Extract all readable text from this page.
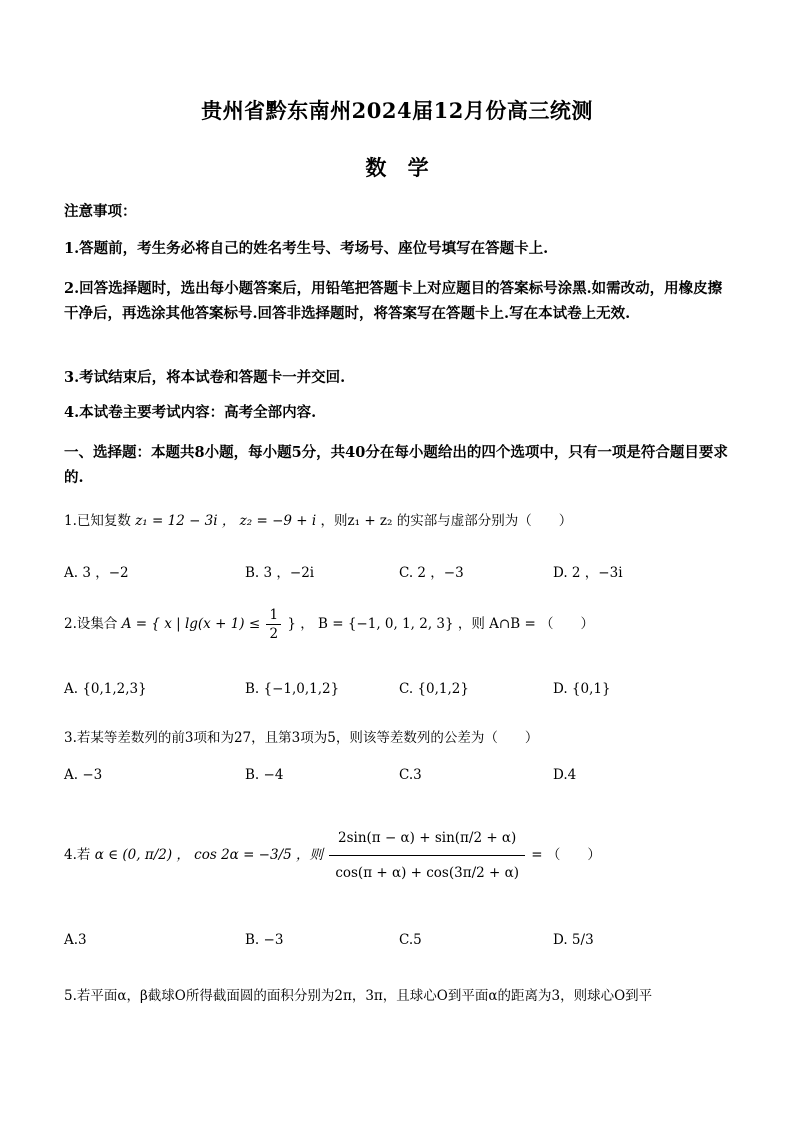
贵州省黔东南州2024届12月份高三统测
数 学
注意事项：
1.答题前，考生务必将自己的姓名考生号、考场号、座位号填写在答题卡上.
2.回答选择题时，选出每小题答案后，用铅笔把答题卡上对应题目的答案标号涂黑.如需改动，用橡皮擦干净后，再选涂其他答案标号.回答非选择题时，将答案写在答题卡上.写在本试卷上无效.
3.考试结束后，将本试卷和答题卡一并交回.
4.本试卷主要考试内容：高考全部内容.
一、选择题：本题共8小题，每小题5分，共40分在每小题给出的四个选项中，只有一项是符合题目要求的.
1.已知复数 z₁ = 12 − 3i ， z₂ = −9 + i ，则z₁ + z₂ 的实部与虚部分别为（　　）
A. 3 ，−2	B. 3 ，−2i	C. 2 ，−3	D. 2 ，−3i
2.设集合 A = { x | $\lg(x + 1) \le \frac{1}{2}$ } ， B = {−1, 0, 1, 2, 3} ，则 A∩B = （　　）
A. {0,1,2,3}	B. {−1,0,1,2}	C. {0,1,2}	D. {0,1}
3.若某等差数列的前3项和为27，且第3项为5，则该等差数列的公差为（　　）
A. −3	B. −4	C.3	D.4
4.若 α ∈ (0, π/2) ， cos 2α = −3/5 ，则 $\frac{2\sin(\pi - \alpha) + \sin(\pi/2 + \alpha)}{\cos(\pi + \alpha) + \cos(3\pi/2 + \alpha)}$ = （　　）
A.3	B. −3	C.5	D. 5/3
5.若平面α，β截球O所得截面圆的面积分别为2π，3π，且球心O到平面α的距离为3，则球心O到平
